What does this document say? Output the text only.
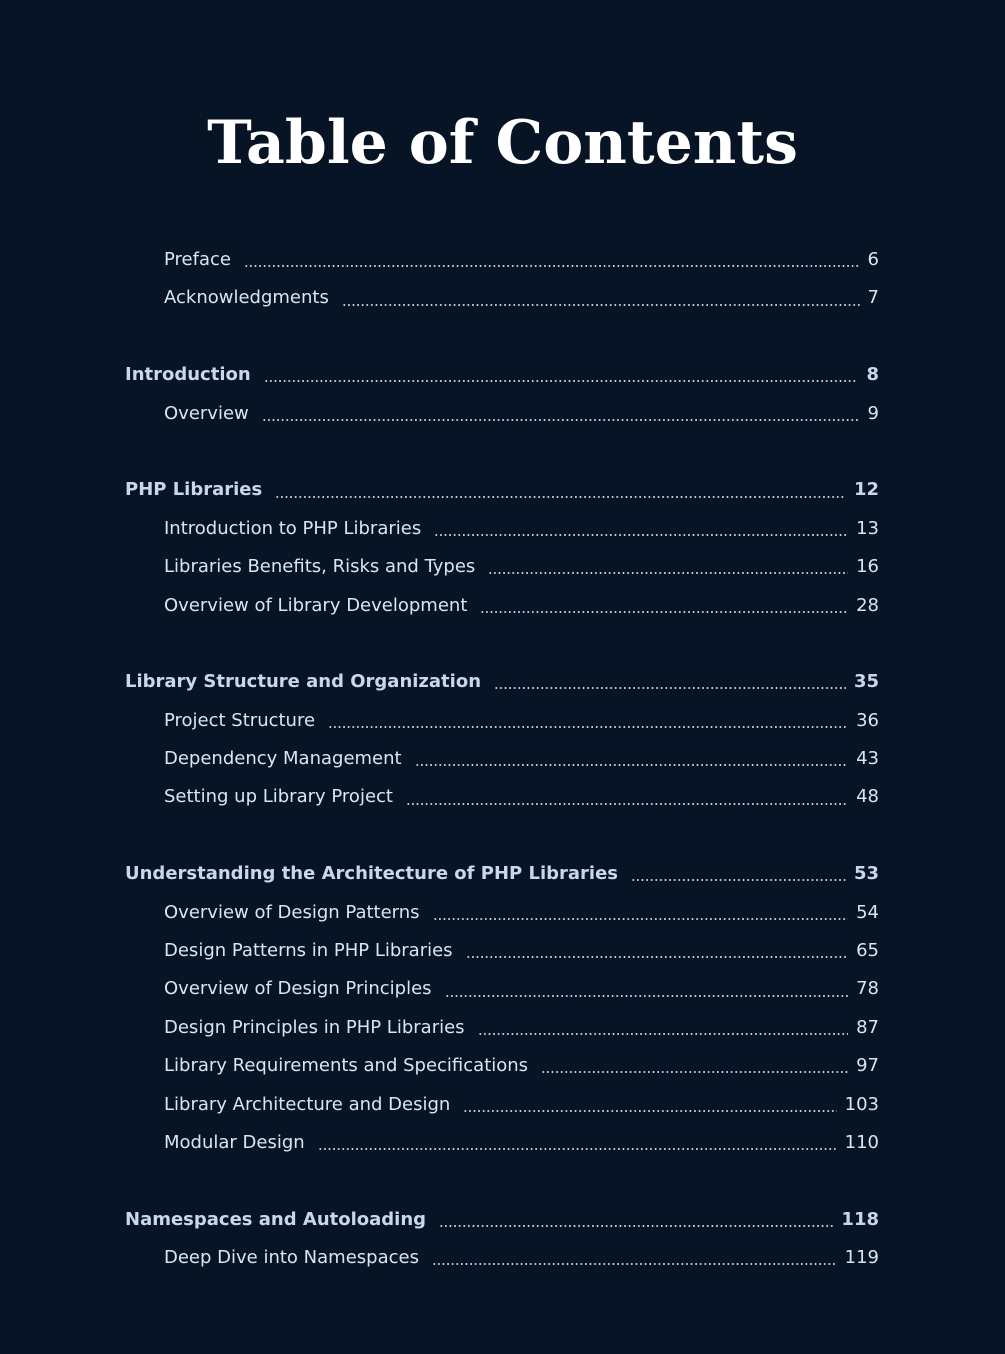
Table of Contents
Preface	6
Acknowledgments	7
Introduction	8
Overview	9
PHP Libraries	12
Introduction to PHP Libraries	13
Libraries Benefits, Risks and Types	16
Overview of Library Development	28
Library Structure and Organization	35
Project Structure	36
Dependency Management	43
Setting up Library Project	48
Understanding the Architecture of PHP Libraries	53
Overview of Design Patterns	54
Design Patterns in PHP Libraries	65
Overview of Design Principles	78
Design Principles in PHP Libraries	87
Library Requirements and Specifications	97
Library Architecture and Design	103
Modular Design	110
Namespaces and Autoloading	118
Deep Dive into Namespaces	119
